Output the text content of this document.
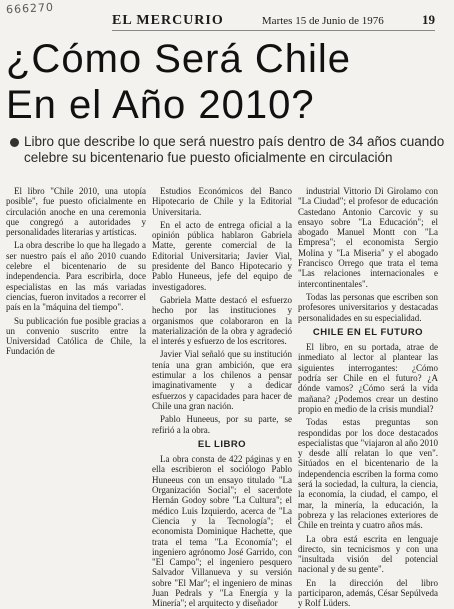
666270
EL MERCURIO	Martes 15 de Junio de 1976	19
¿Cómo Será Chile
En el Año 2010?
Libro que describe lo que será nuestro país dentro de 34 años cuando celebre su bicentenario fue puesto oficialmente en circulación

El libro "Chile 2010, una utopía posible", fue puesto oficialmente en circulación anoche en una ceremonia que congregó a autoridades y personalidades literarias y artísticas.

La obra describe lo que ha llegado a ser nuestro país el año 2010 cuando celebre el bicentenario de su independencia. Para escribirla, doce especialistas en las más variadas ciencias, fueron invitados a recorrer el país en la "máquina del tiempo".

Su publicación fue posible gracias a un convenio suscrito entre la Universidad Católica de Chile, la Fundación de

Estudios Económicos del Banco Hipotecario de Chile y la Editorial Universitaria.

En el acto de entrega oficial a la opinión pública hablaron Gabriela Matte, gerente comercial de la Editorial Universitaria; Javier Vial, presidente del Banco Hipotecario y Pablo Huneeus, jefe del equipo de investigadores.

Gabriela Matte destacó el esfuerzo hecho por las instituciones y organismos que colaboraron en la materialización de la obra y agradeció el interés y esfuerzo de los escritores.

Javier Vial señaló que su institución tenía una gran ambición, que era estimular a los chilenos a pensar imaginativamente y a dedicar esfuerzos y capacidades para hacer de Chile una gran nación.

Pablo Huneeus, por su parte, se refirió a la obra.

EL LIBRO

La obra consta de 422 páginas y en ella escribieron el sociólogo Pablo Huneeus con un ensayo titulado "La Organización Social"; el sacerdote Hernán Godoy sobre "La Cultura"; el médico Luis Izquierdo, acerca de "La Ciencia y la Tecnología"; el economista Dominique Hachette, que trata el tema "La Economía"; el ingeniero agrónomo José Garrido, con "El Campo"; el ingeniero pesquero Salvador Villanueva y su versión sobre "El Mar"; el ingeniero de minas Juan Pedrals y "La Energía y la Minería"; el arquitecto y diseñador

industrial Vittorio Di Girolamo con "La Ciudad"; el profesor de educación Castedano Antonio Carcovic y su ensayo sobre "La Educación"; el abogado Manuel Montt con "La Empresa"; el economista Sergio Molina y "La Miseria" y el abogado Francisco Orrego que trata el tema "Las relaciones internacionales e intercontinentales".

Todas las personas que escriben son profesores universitarios y destacadas personalidades en su especialidad.

CHILE EN EL FUTURO

El libro, en su portada, atrae de inmediato al lector al plantear las siguientes interrogantes: ¿Cómo podría ser Chile en el futuro? ¿A dónde vamos? ¿Cómo será la vida mañana? ¿Podemos crear un destino propio en medio de la crisis mundial?

Todas estas preguntas son respondidas por los doce destacados especialistas que "viajaron al año 2010 y desde allí relatan lo que ven". Sitúados en el bicentenario de la independencia escriben la forma como será la sociedad, la cultura, la ciencia, la economía, la ciudad, el campo, el mar, la minería, la educación, la pobreza y las relaciones exteriores de Chile en treinta y cuatro años más.

La obra está escrita en lenguaje directo, sin tecnicismos y con una "insultada visión del potencial nacional y de su gente".

En la dirección del libro participaron, además, César Sepúlveda y Rolf Lüders.
